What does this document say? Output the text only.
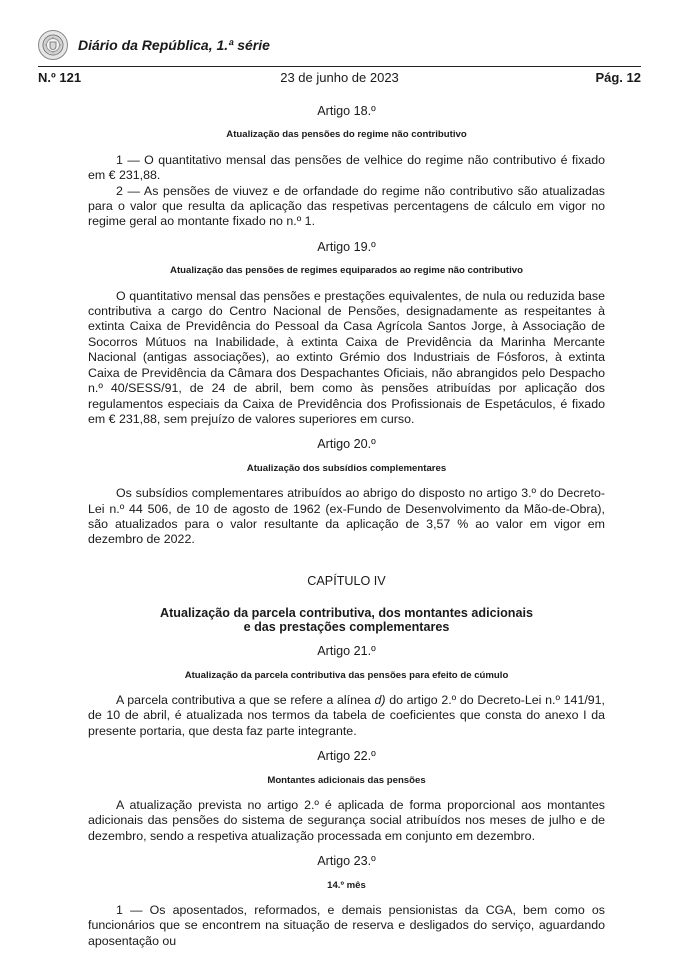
Diário da República, 1.ª série
N.º 121	23 de junho de 2023	Pág. 12
Artigo 18.º
Atualização das pensões do regime não contributivo

1 — O quantitativo mensal das pensões de velhice do regime não contributivo é fixado em € 231,88.

2 — As pensões de viuvez e de orfandade do regime não contributivo são atualizadas para o valor que resulta da aplicação das respetivas percentagens de cálculo em vigor no regime geral ao montante fixado no n.º 1.

Artigo 19.º
Atualização das pensões de regimes equiparados ao regime não contributivo

O quantitativo mensal das pensões e prestações equivalentes, de nula ou reduzida base contributiva a cargo do Centro Nacional de Pensões, designadamente as respeitantes à extinta Caixa de Previdência do Pessoal da Casa Agrícola Santos Jorge, à Associação de Socorros Mútuos na Inabilidade, à extinta Caixa de Previdência da Marinha Mercante Nacional (antigas associações), ao extinto Grémio dos Industriais de Fósforos, à extinta Caixa de Previdência da Câmara dos Despachantes Oficiais, não abrangidos pelo Despacho n.º 40/SESS/91, de 24 de abril, bem como às pensões atribuídas por aplicação dos regulamentos especiais da Caixa de Previdência dos Profissionais de Espetáculos, é fixado em € 231,88, sem prejuízo de valores superiores em curso.

Artigo 20.º
Atualização dos subsídios complementares

Os subsídios complementares atribuídos ao abrigo do disposto no artigo 3.º do Decreto-Lei n.º 44 506, de 10 de agosto de 1962 (ex-Fundo de Desenvolvimento da Mão-de-Obra), são atualizados para o valor resultante da aplicação de 3,57 % ao valor em vigor em dezembro de 2022.

CAPÍTULO IV
Atualização da parcela contributiva, dos montantes adicionais
e das prestações complementares
Artigo 21.º
Atualização da parcela contributiva das pensões para efeito de cúmulo

A parcela contributiva a que se refere a alínea d) do artigo 2.º do Decreto-Lei n.º 141/91, de 10 de abril, é atualizada nos termos da tabela de coeficientes que consta do anexo I da presente portaria, que desta faz parte integrante.

Artigo 22.º
Montantes adicionais das pensões

A atualização prevista no artigo 2.º é aplicada de forma proporcional aos montantes adicionais das pensões do sistema de segurança social atribuídos nos meses de julho e de dezembro, sendo a respetiva atualização processada em conjunto em dezembro.

Artigo 23.º
14.º mês

1 — Os aposentados, reformados, e demais pensionistas da CGA, bem como os funcionários que se encontrem na situação de reserva e desligados do serviço, aguardando aposentação ou
